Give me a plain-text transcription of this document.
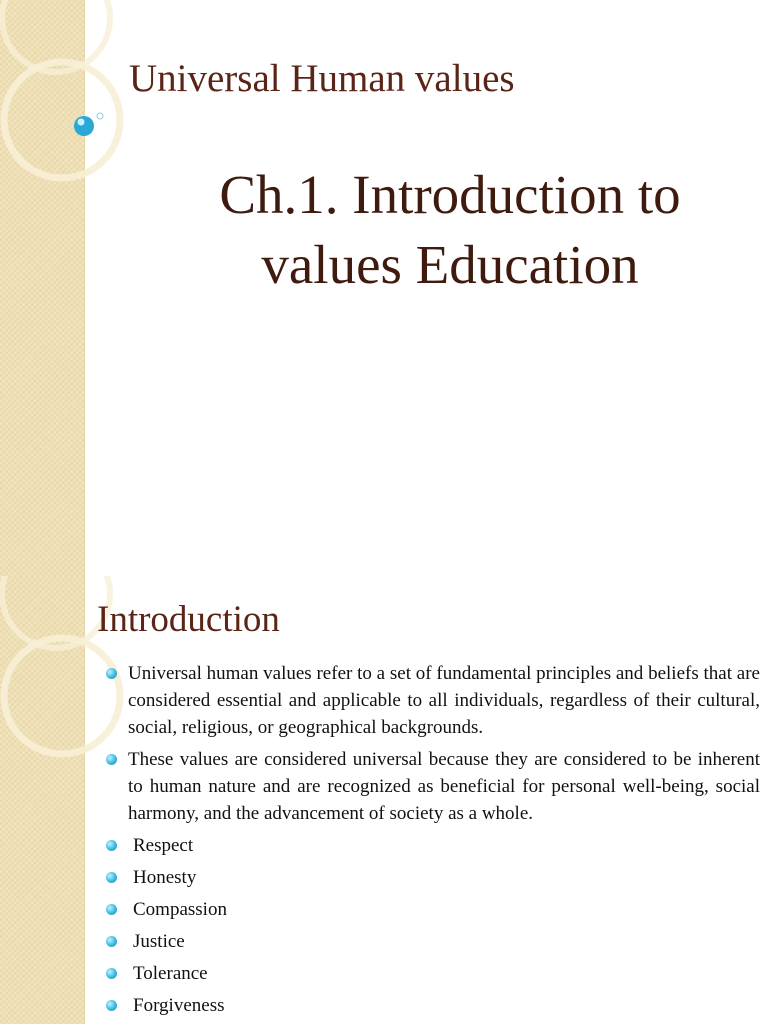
Universal Human values
Ch.1. Introduction to
values Education
Introduction
Universal human values refer to a set of fundamental principles and beliefs that are considered essential and applicable to all individuals, regardless of their cultural, social, religious, or geographical backgrounds.
These values are considered universal because they are considered to be inherent to human nature and are recognized as beneficial for personal well-being, social harmony, and the advancement of society as a whole.
Respect
Honesty
Compassion
Justice
Tolerance
Forgiveness
